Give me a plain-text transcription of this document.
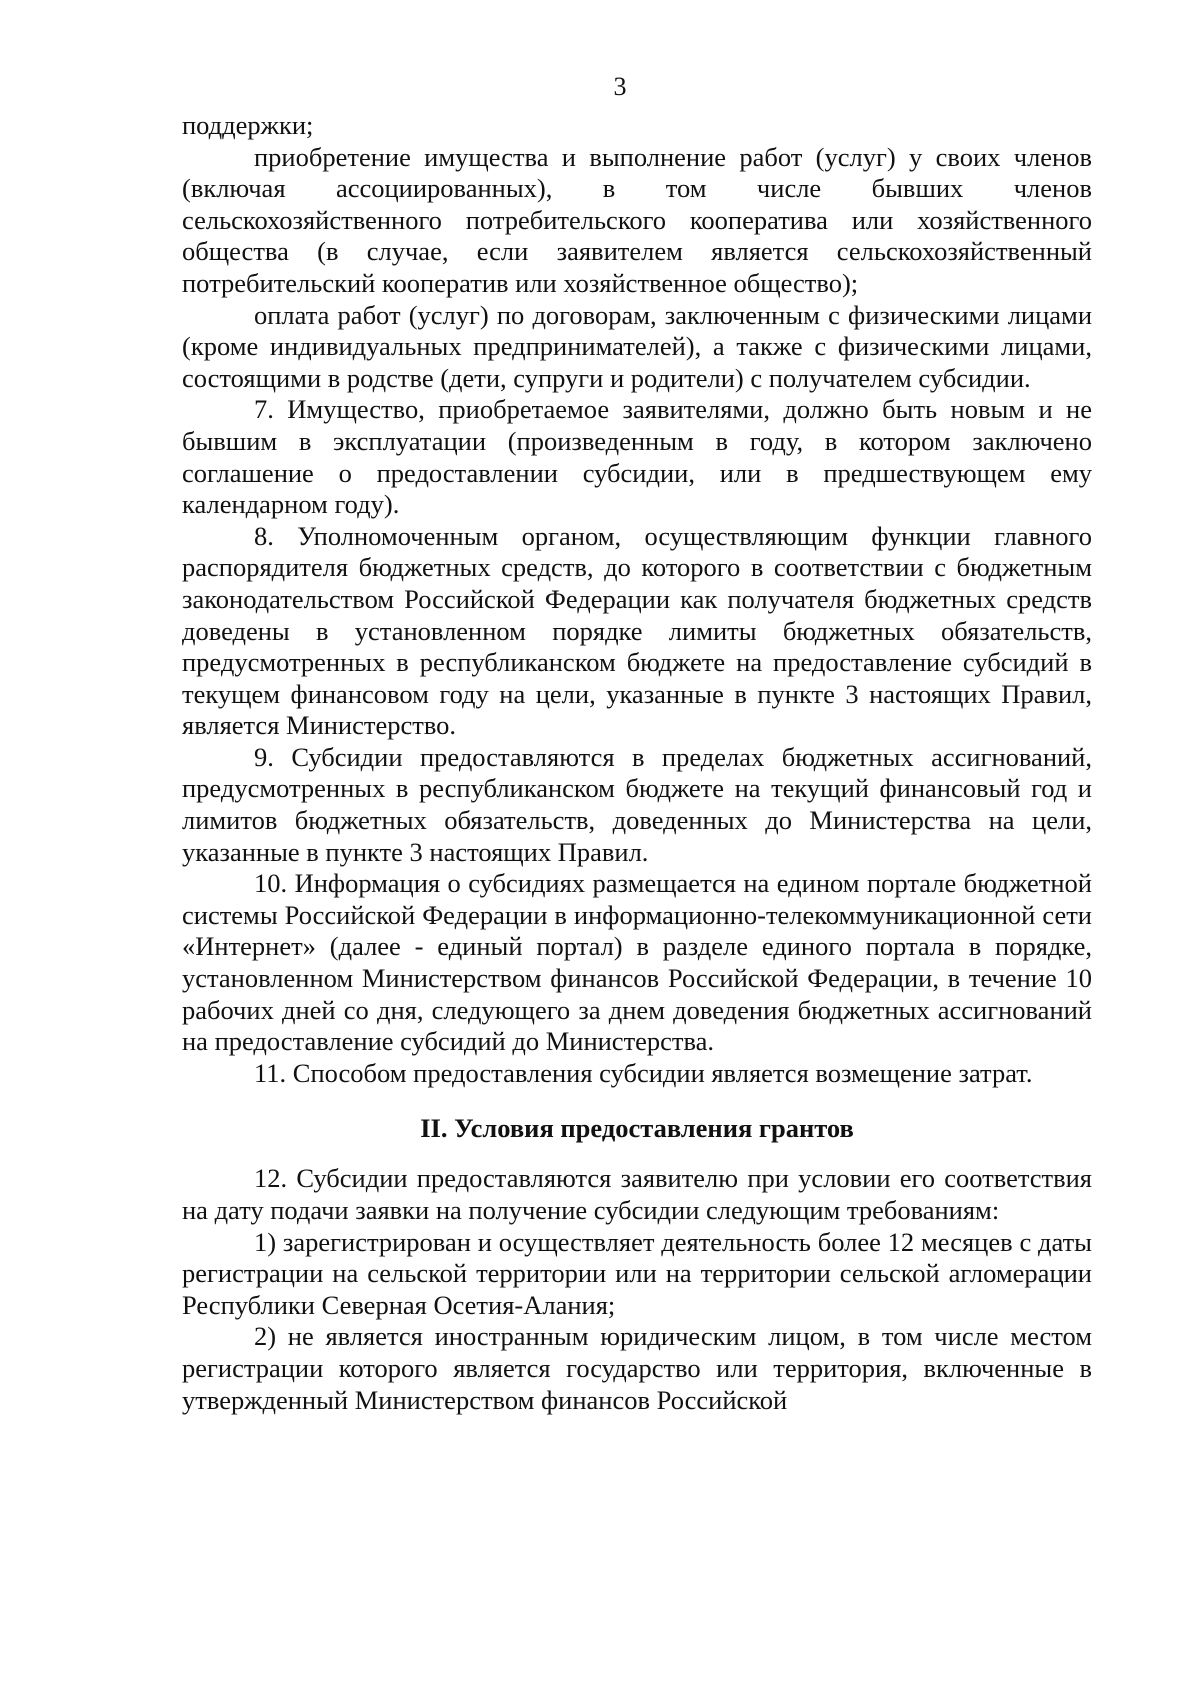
3

поддержки;

приобретение имущества и выполнение работ (услуг) у своих членов (включая ассоциированных), в том числе бывших членов сельскохозяйственного потребительского кооператива или хозяйственного общества (в случае, если заявителем является сельскохозяйственный потребительский кооператив или хозяйственное общество);

оплата работ (услуг) по договорам, заключенным с физическими лицами (кроме индивидуальных предпринимателей), а также с физическими лицами, состоящими в родстве (дети, супруги и родители) с получателем субсидии.

7. Имущество, приобретаемое заявителями, должно быть новым и не бывшим в эксплуатации (произведенным в году, в котором заключено соглашение о предоставлении субсидии, или в предшествующем ему календарном году).

8. Уполномоченным органом, осуществляющим функции главного распорядителя бюджетных средств, до которого в соответствии с бюджетным законодательством Российской Федерации как получателя бюджетных средств доведены в установленном порядке лимиты бюджетных обязательств, предусмотренных в республиканском бюджете на предоставление субсидий в текущем финансовом году на цели, указанные в пункте 3 настоящих Правил, является Министерство.

9. Субсидии предоставляются в пределах бюджетных ассигнований, предусмотренных в республиканском бюджете на текущий финансовый год и лимитов бюджетных обязательств, доведенных до Министерства на цели, указанные в пункте 3 настоящих Правил.

10. Информация о субсидиях размещается на едином портале бюджетной системы Российской Федерации в информационно-телекоммуникационной сети «Интернет» (далее - единый портал) в разделе единого портала в порядке, установленном Министерством финансов Российской Федерации, в течение 10 рабочих дней со дня, следующего за днем доведения бюджетных ассигнований на предоставление субсидий до Министерства.

11. Способом предоставления субсидии является возмещение затрат.

II. Условия предоставления грантов

12. Субсидии предоставляются заявителю при условии его соответствия на дату подачи заявки на получение субсидии следующим требованиям:

1) зарегистрирован и осуществляет деятельность более 12 месяцев с даты регистрации на сельской территории или на территории сельской агломерации Республики Северная Осетия-Алания;

2) не является иностранным юридическим лицом, в том числе местом регистрации которого является государство или территория, включенные в утвержденный Министерством финансов Российской
